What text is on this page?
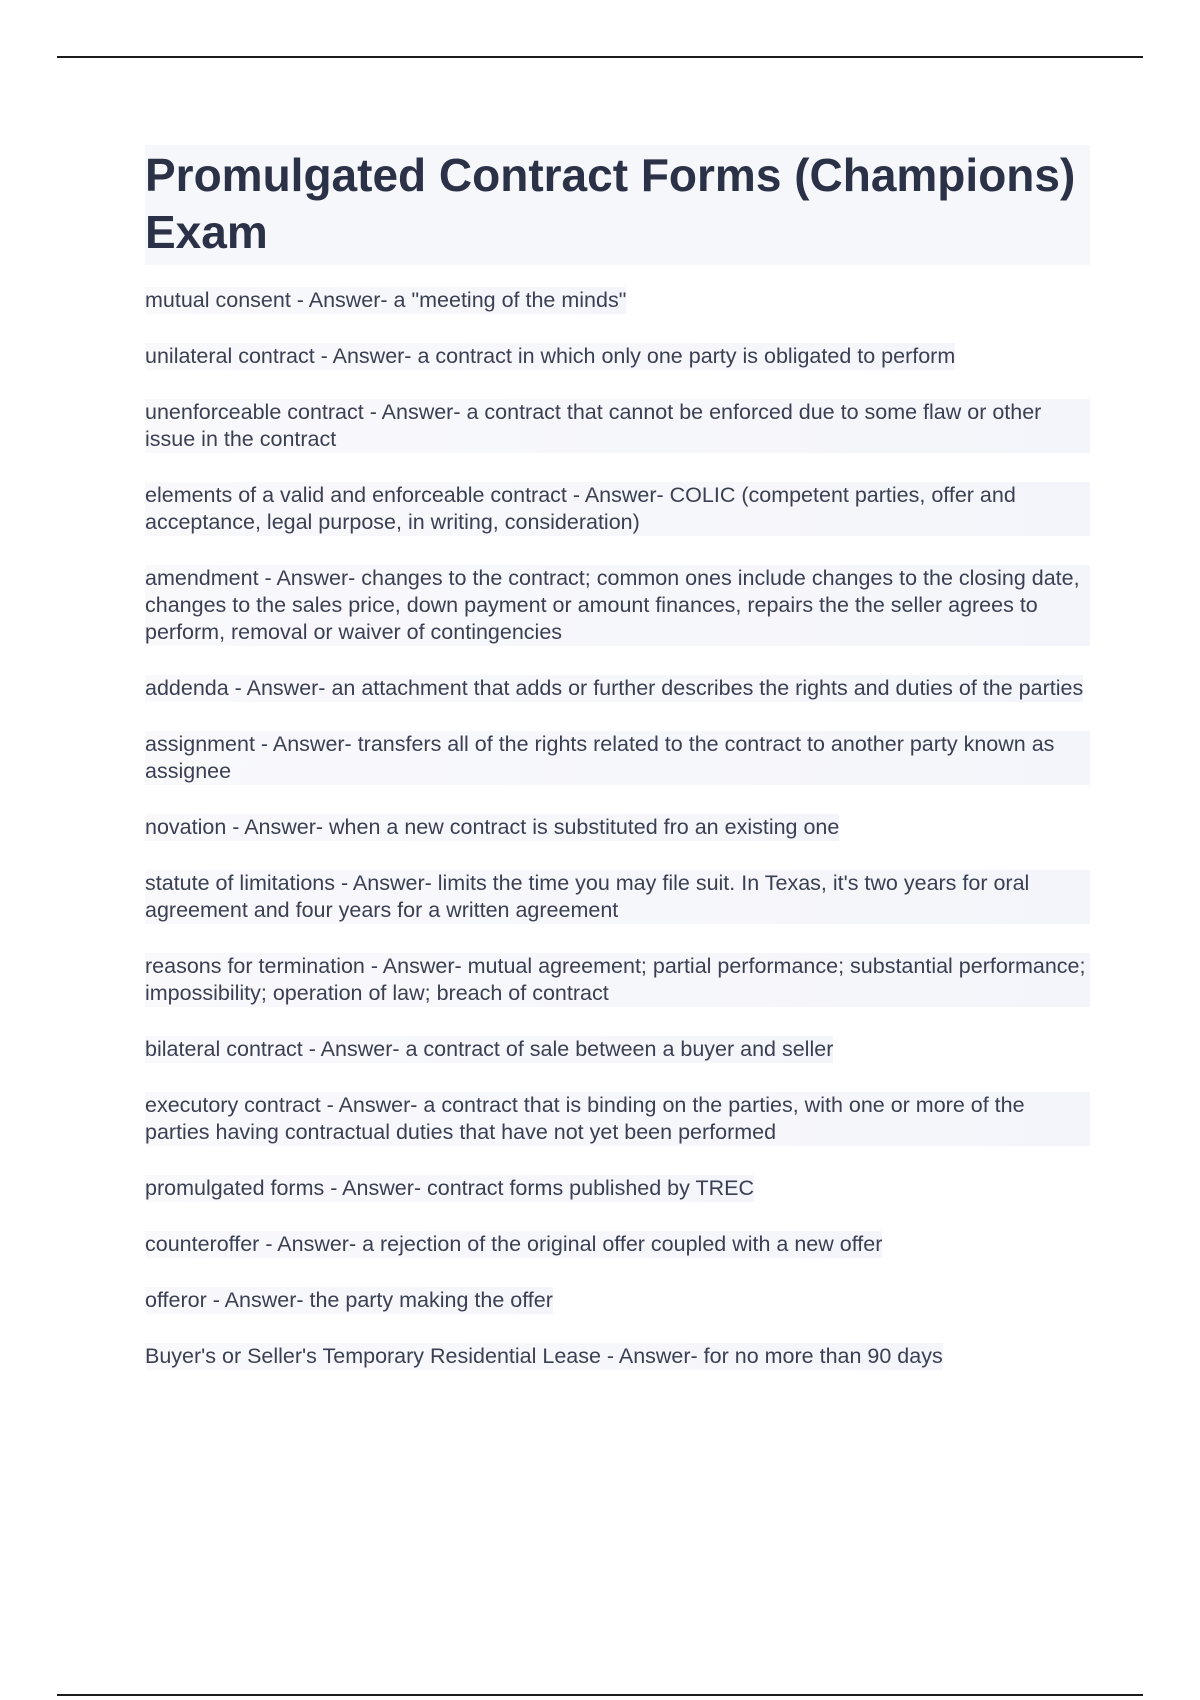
Promulgated Contract Forms (Champions) Exam
mutual consent - Answer- a "meeting of the minds"
unilateral contract - Answer- a contract in which only one party is obligated to perform
unenforceable contract - Answer- a contract that cannot be enforced due to some flaw or other issue in the contract
elements of a valid and enforceable contract - Answer- COLIC (competent parties, offer and acceptance, legal purpose, in writing, consideration)
amendment - Answer- changes to the contract; common ones include changes to the closing date, changes to the sales price, down payment or amount finances, repairs the the seller agrees to perform, removal or waiver of contingencies
addenda - Answer- an attachment that adds or further describes the rights and duties of the parties
assignment - Answer- transfers all of the rights related to the contract to another party known as assignee
novation - Answer- when a new contract is substituted fro an existing one
statute of limitations - Answer- limits the time you may file suit. In Texas, it's two years for oral agreement and four years for a written agreement
reasons for termination - Answer- mutual agreement; partial performance; substantial performance; impossibility; operation of law; breach of contract
bilateral contract - Answer- a contract of sale between a buyer and seller
executory contract - Answer- a contract that is binding on the parties, with one or more of the parties having contractual duties that have not yet been performed
promulgated forms - Answer- contract forms published by TREC
counteroffer - Answer- a rejection of the original offer coupled with a new offer
offeror - Answer- the party making the offer
Buyer's or Seller's Temporary Residential Lease - Answer- for no more than 90 days
